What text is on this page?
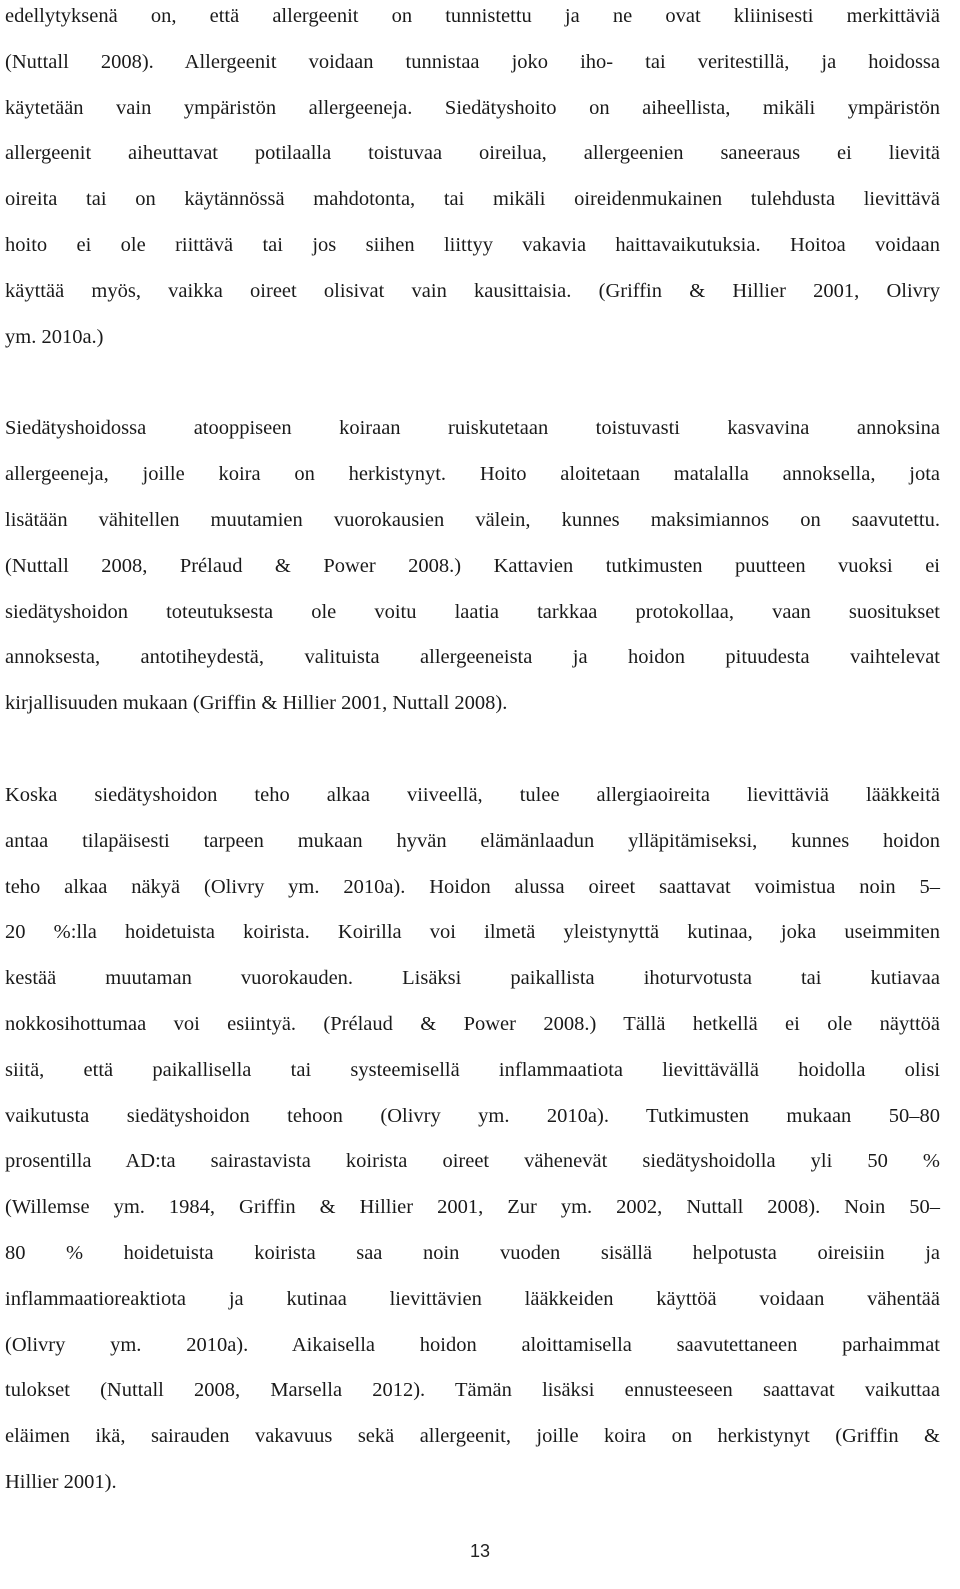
edellytyksenä on, että allergeenit on tunnistettu ja ne ovat kliinisesti merkittäviä
(Nuttall 2008). Allergeenit voidaan tunnistaa joko iho- tai veritestillä, ja hoidossa
käytetään vain ympäristön allergeeneja. Siedätyshoito on aiheellista, mikäli ympäristön
allergeenit aiheuttavat potilaalla toistuvaa oireilua, allergeenien saneeraus ei lievitä
oireita tai on käytännössä mahdotonta, tai mikäli oireidenmukainen tulehdusta lievittävä
hoito ei ole riittävä tai jos siihen liittyy vakavia haittavaikutuksia. Hoitoa voidaan
käyttää myös, vaikka oireet olisivat vain kausittaisia. (Griffin & Hillier 2001, Olivry
ym. 2010a.)
Siedätyshoidossa atooppiseen koiraan ruiskutetaan toistuvasti kasvavina annoksina
allergeeneja, joille koira on herkistynyt. Hoito aloitetaan matalalla annoksella, jota
lisätään vähitellen muutamien vuorokausien välein, kunnes maksimiannos on saavutettu.
(Nuttall 2008, Prélaud & Power 2008.) Kattavien tutkimusten puutteen vuoksi ei
siedätyshoidon toteutuksesta ole voitu laatia tarkkaa protokollaa, vaan suositukset
annoksesta, antotiheydestä, valituista allergeeneista ja hoidon pituudesta vaihtelevat
kirjallisuuden mukaan (Griffin & Hillier 2001, Nuttall 2008).
Koska siedätyshoidon teho alkaa viiveellä, tulee allergiaoireita lievittäviä lääkkeitä
antaa tilapäisesti tarpeen mukaan hyvän elämänlaadun ylläpitämiseksi, kunnes hoidon
teho alkaa näkyä (Olivry ym. 2010a). Hoidon alussa oireet saattavat voimistua noin 5–
20 %:lla hoidetuista koirista. Koirilla voi ilmetä yleistynyttä kutinaa, joka useimmiten
kestää muutaman vuorokauden. Lisäksi paikallista ihoturvotusta tai kutiavaa
nokkosihottumaa voi esiintyä. (Prélaud & Power 2008.) Tällä hetkellä ei ole näyttöä
siitä, että paikallisella tai systeemisellä inflammaatiota lievittävällä hoidolla olisi
vaikutusta siedätyshoidon tehoon (Olivry ym. 2010a). Tutkimusten mukaan 50–80
prosentilla AD:ta sairastavista koirista oireet vähenevät siedätyshoidolla yli 50 %
(Willemse ym. 1984, Griffin & Hillier 2001, Zur ym. 2002, Nuttall 2008). Noin 50–
80 % hoidetuista koirista saa noin vuoden sisällä helpotusta oireisiin ja
inflammaatioreaktiota ja kutinaa lievittävien lääkkeiden käyttöä voidaan vähentää
(Olivry ym. 2010a). Aikaisella hoidon aloittamisella saavutettaneen parhaimmat
tulokset (Nuttall 2008, Marsella 2012). Tämän lisäksi ennusteeseen saattavat vaikuttaa
eläimen ikä, sairauden vakavuus sekä allergeenit, joille koira on herkistynyt (Griffin &
Hillier 2001).
13
